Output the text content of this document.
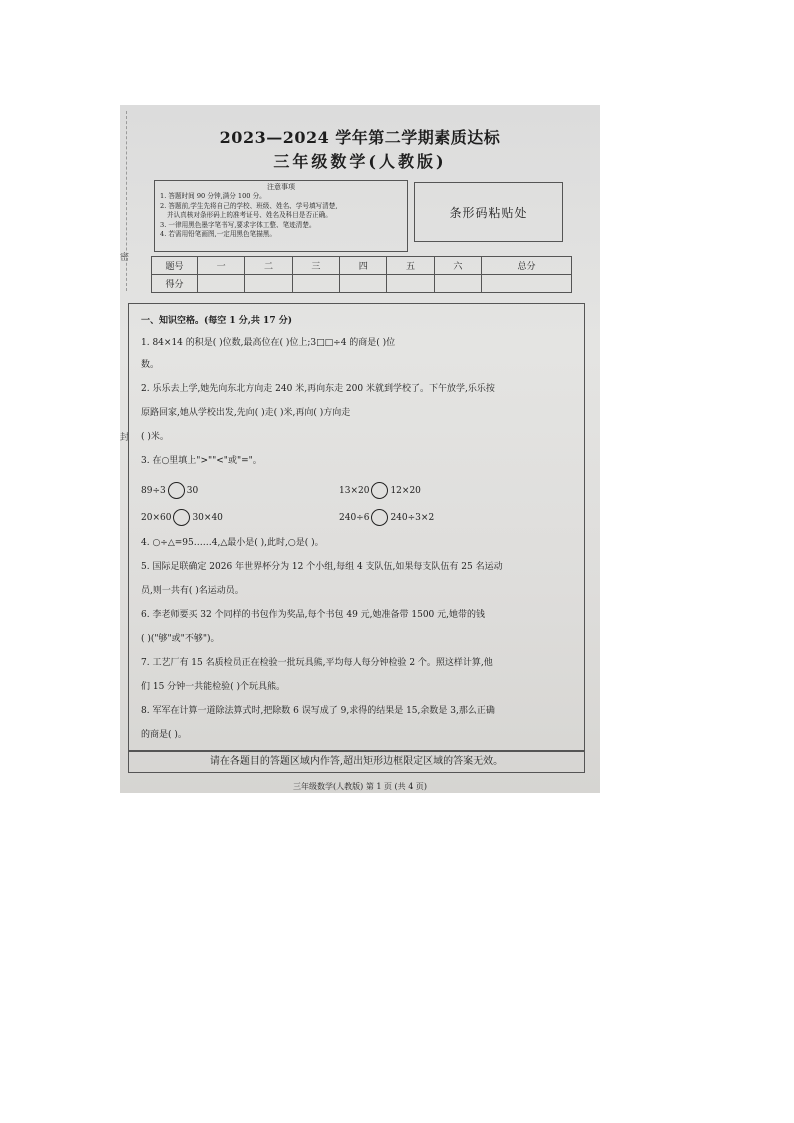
密
封
2023—2024 学年第二学期素质达标
三年级数学(人教版)
注意事项
1. 答题时间 90 分钟,满分 100 分。
2. 答题前,学生先将自己的学校、班级、姓名、学号填写清楚,
并认真核对条形码上的准考证号、姓名及科目是否正确。
3. 一律用黑色墨字笔书写,要求字体工整、笔迹清楚。
4. 若需用铅笔画图,一定用黑色笔描黑。
条形码粘贴处
题号	一	二	三	四	五	六	总分
得分							
一、知识空格。(每空 1 分,共 17 分)
1. 84×14 的积是( )位数,最高位在( )位上;3□□÷4 的商是( )位
数。
2. 乐乐去上学,她先向东北方向走 240 米,再向东走 200 米就到学校了。下午放学,乐乐按
原路回家,她从学校出发,先向( )走( )米,再向( )方向走
( )米。
3. 在○里填上">""<"或"="。
89÷3 30	13×20 12×20
20×60 30×40	240÷6 240÷3×2
4. ○÷△=95……4,△最小是( ),此时,○是( )。
5. 国际足联确定 2026 年世界杯分为 12 个小组,每组 4 支队伍,如果每支队伍有 25 名运动
员,则一共有( )名运动员。
6. 李老师要买 32 个同样的书包作为奖品,每个书包 49 元,她准备带 1500 元,她带的钱
( )("够"或"不够")。
7. 工艺厂有 15 名质检员正在检验一批玩具熊,平均每人每分钟检验 2 个。照这样计算,他
们 15 分钟一共能检验( )个玩具熊。
8. 军军在计算一道除法算式时,把除数 6 误写成了 9,求得的结果是 15,余数是 3,那么正确
的商是( )。
请在各题目的答题区域内作答,超出矩形边框限定区域的答案无效。
三年级数学(人教版) 第 1 页 (共 4 页)
